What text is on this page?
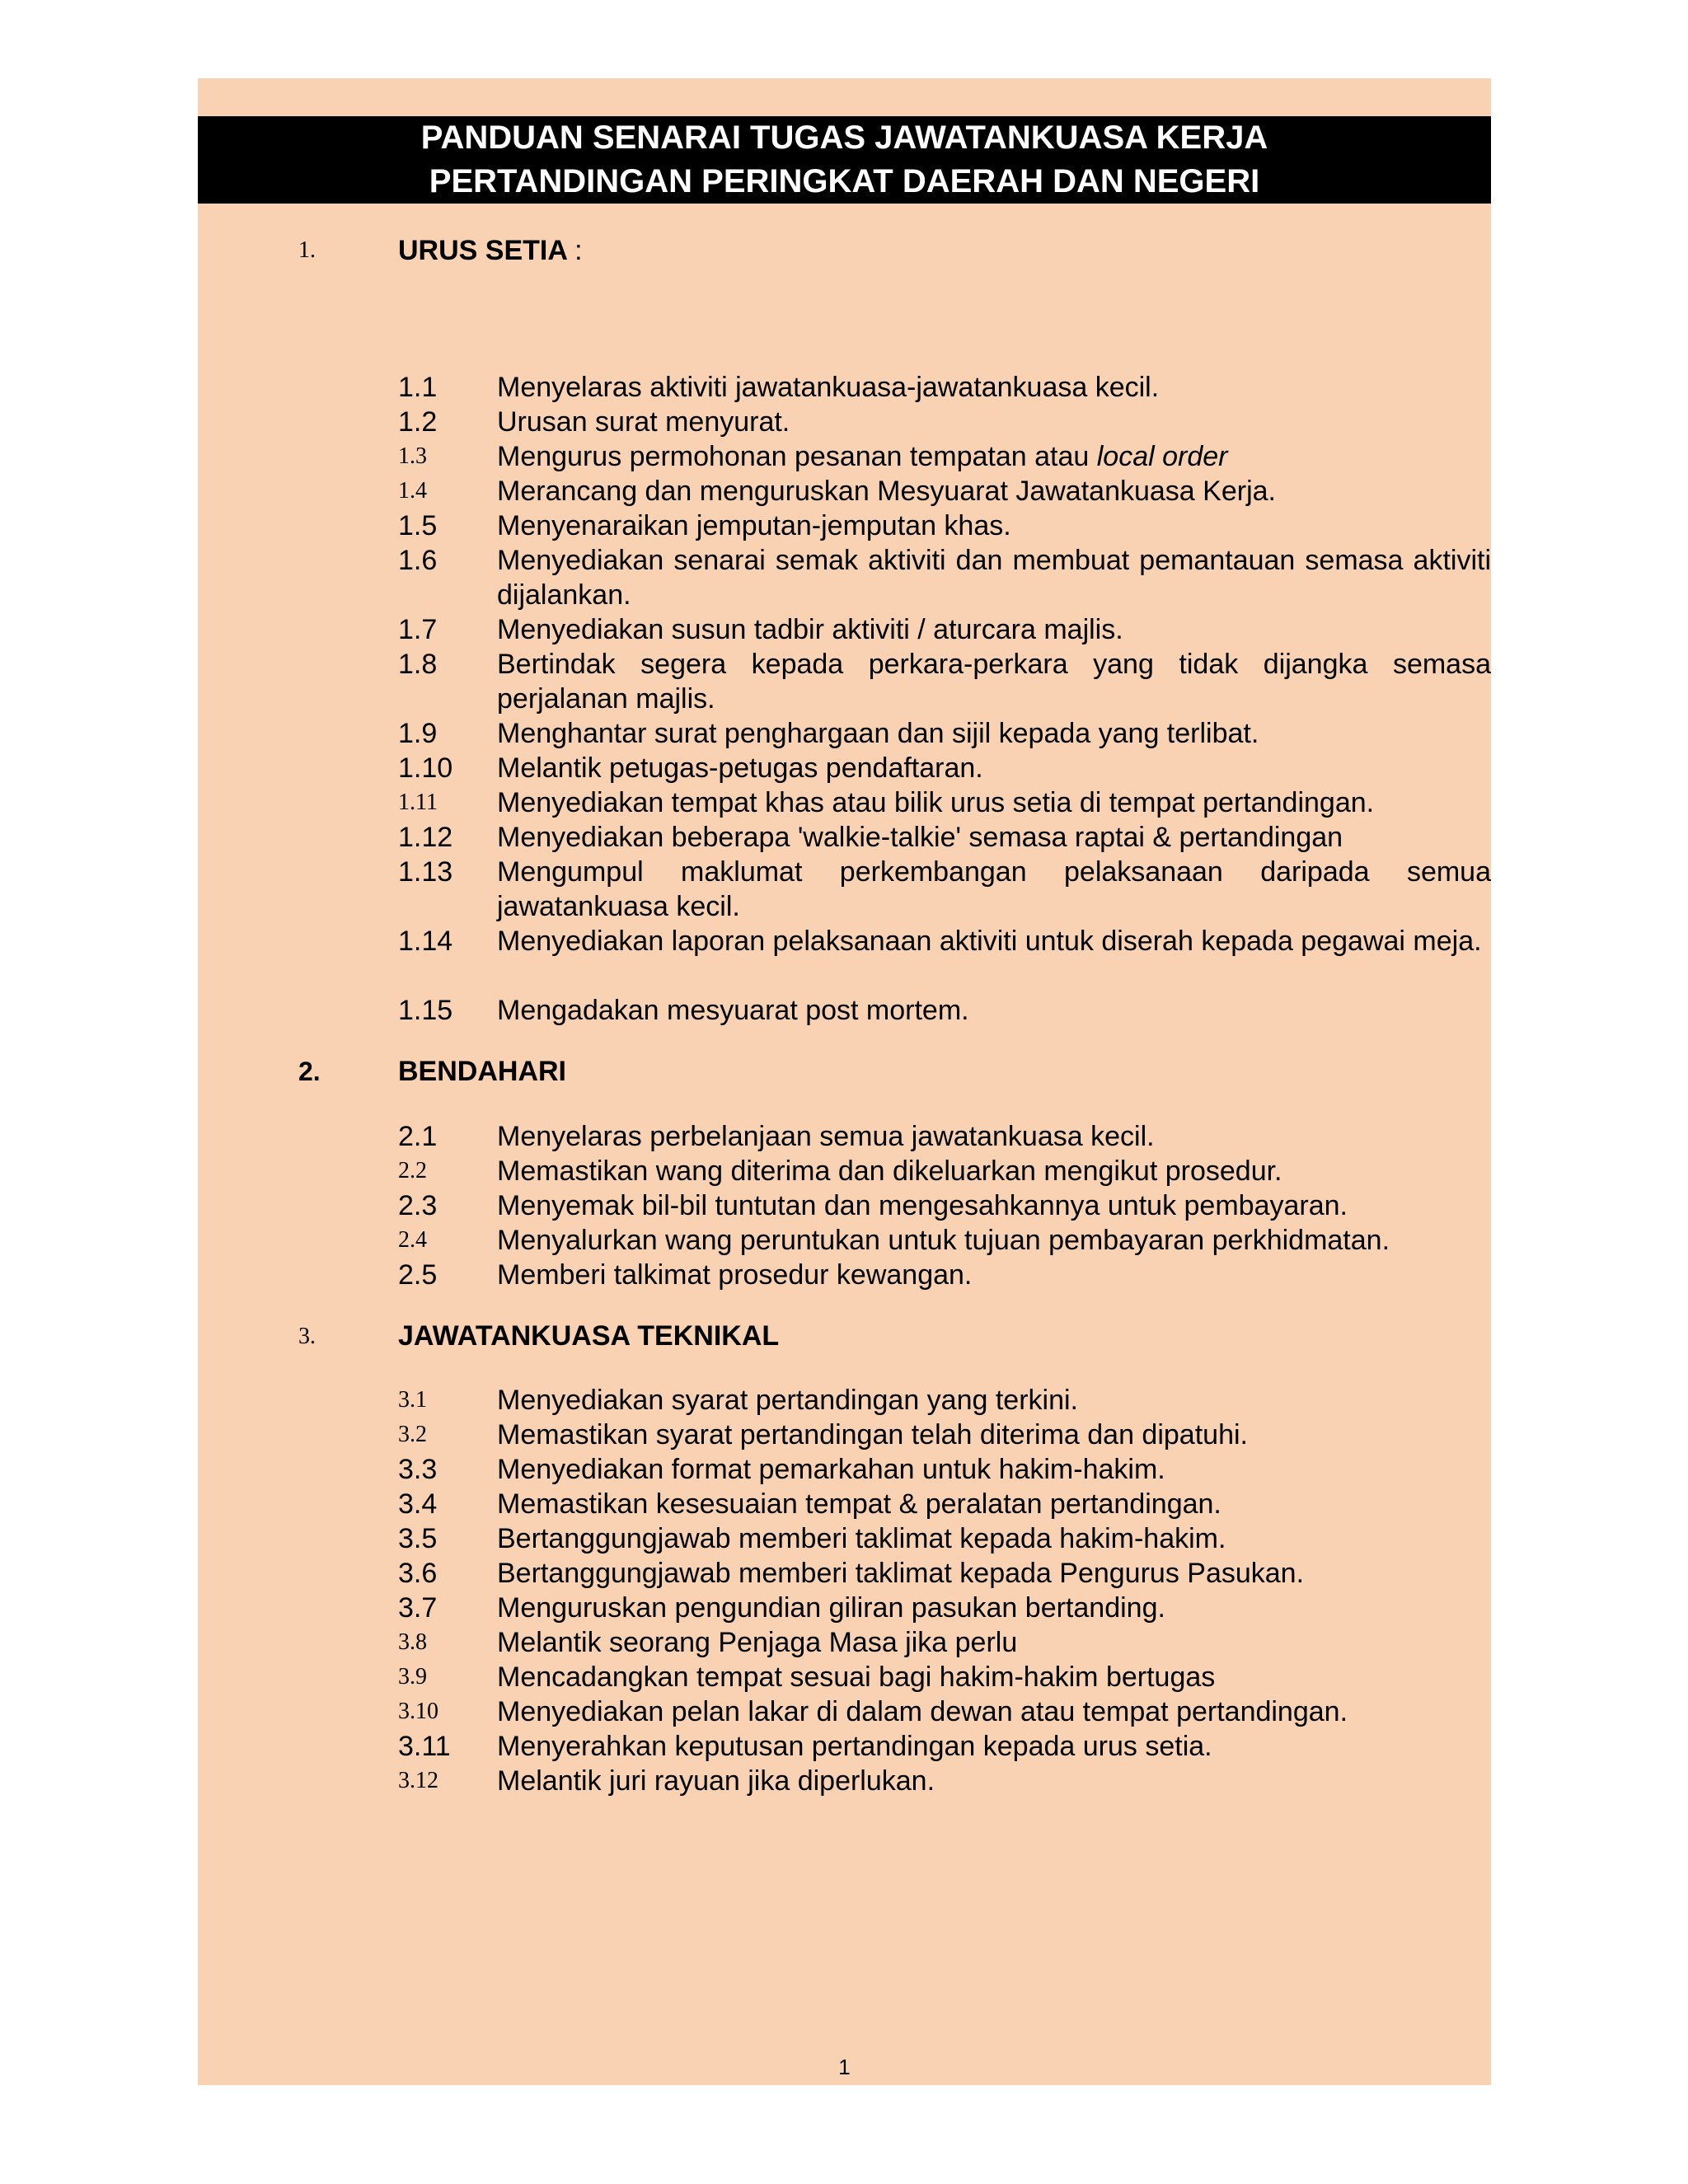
PANDUAN SENARAI TUGAS JAWATANKUASA KERJA
PERTANDINGAN PERINGKAT DAERAH DAN NEGERI
1.	URUS SETIA :
1.1 Menyelaras aktiviti jawatankuasa-jawatankuasa kecil.
1.2 Urusan surat menyurat.
1.3	Mengurus permohonan pesanan tempatan atau local order
1.4	Merancang dan menguruskan Mesyuarat Jawatankuasa Kerja.
1.5 Menyenaraikan jemputan-jemputan khas.
1.6 Menyediakan senarai semak aktiviti dan membuat pemantauan semasa aktiviti dijalankan.
1.7 Menyediakan susun tadbir aktiviti / aturcara majlis.
1.8 Bertindak segera kepada perkara-perkara yang tidak dijangka semasa perjalanan majlis.
1.9 Menghantar surat penghargaan dan sijil kepada yang terlibat.
1.10 Melantik petugas-petugas pendaftaran.
1.11 Menyediakan tempat khas atau bilik urus setia di tempat pertandingan.
1.12 Menyediakan beberapa 'walkie-talkie' semasa raptai & pertandingan
1.13 Mengumpul maklumat perkembangan pelaksanaan daripada semua jawatankuasa kecil.
1.14 Menyediakan laporan pelaksanaan aktiviti untuk diserah kepada pegawai meja.
1.15 Mengadakan mesyuarat post mortem.
2.	BENDAHARI
2.1 Menyelaras perbelanjaan semua jawatankuasa kecil.
2.2	Memastikan wang diterima dan dikeluarkan mengikut prosedur.
2.3 Menyemak bil-bil tuntutan dan mengesahkannya untuk pembayaran.
2.4	Menyalurkan wang peruntukan untuk tujuan pembayaran perkhidmatan.
2.5 Memberi talkimat prosedur kewangan.
3.	JAWATANKUASA TEKNIKAL
3.1	Menyediakan syarat pertandingan yang terkini.
3.2	Memastikan syarat pertandingan telah diterima dan dipatuhi.
3.3 Menyediakan format pemarkahan untuk hakim-hakim.
3.4 Memastikan kesesuaian tempat & peralatan pertandingan.
3.5 Bertanggungjawab memberi taklimat kepada hakim-hakim.
3.6 Bertanggungjawab memberi taklimat kepada Pengurus Pasukan.
3.7 Menguruskan pengundian giliran pasukan bertanding.
3.8	Melantik seorang Penjaga Masa jika perlu
3.9	Mencadangkan tempat sesuai bagi hakim-hakim bertugas
3.10 Menyediakan pelan lakar di dalam dewan atau tempat pertandingan.
3.11 Menyerahkan keputusan pertandingan kepada urus setia.
3.12 Melantik juri rayuan jika diperlukan.
1
